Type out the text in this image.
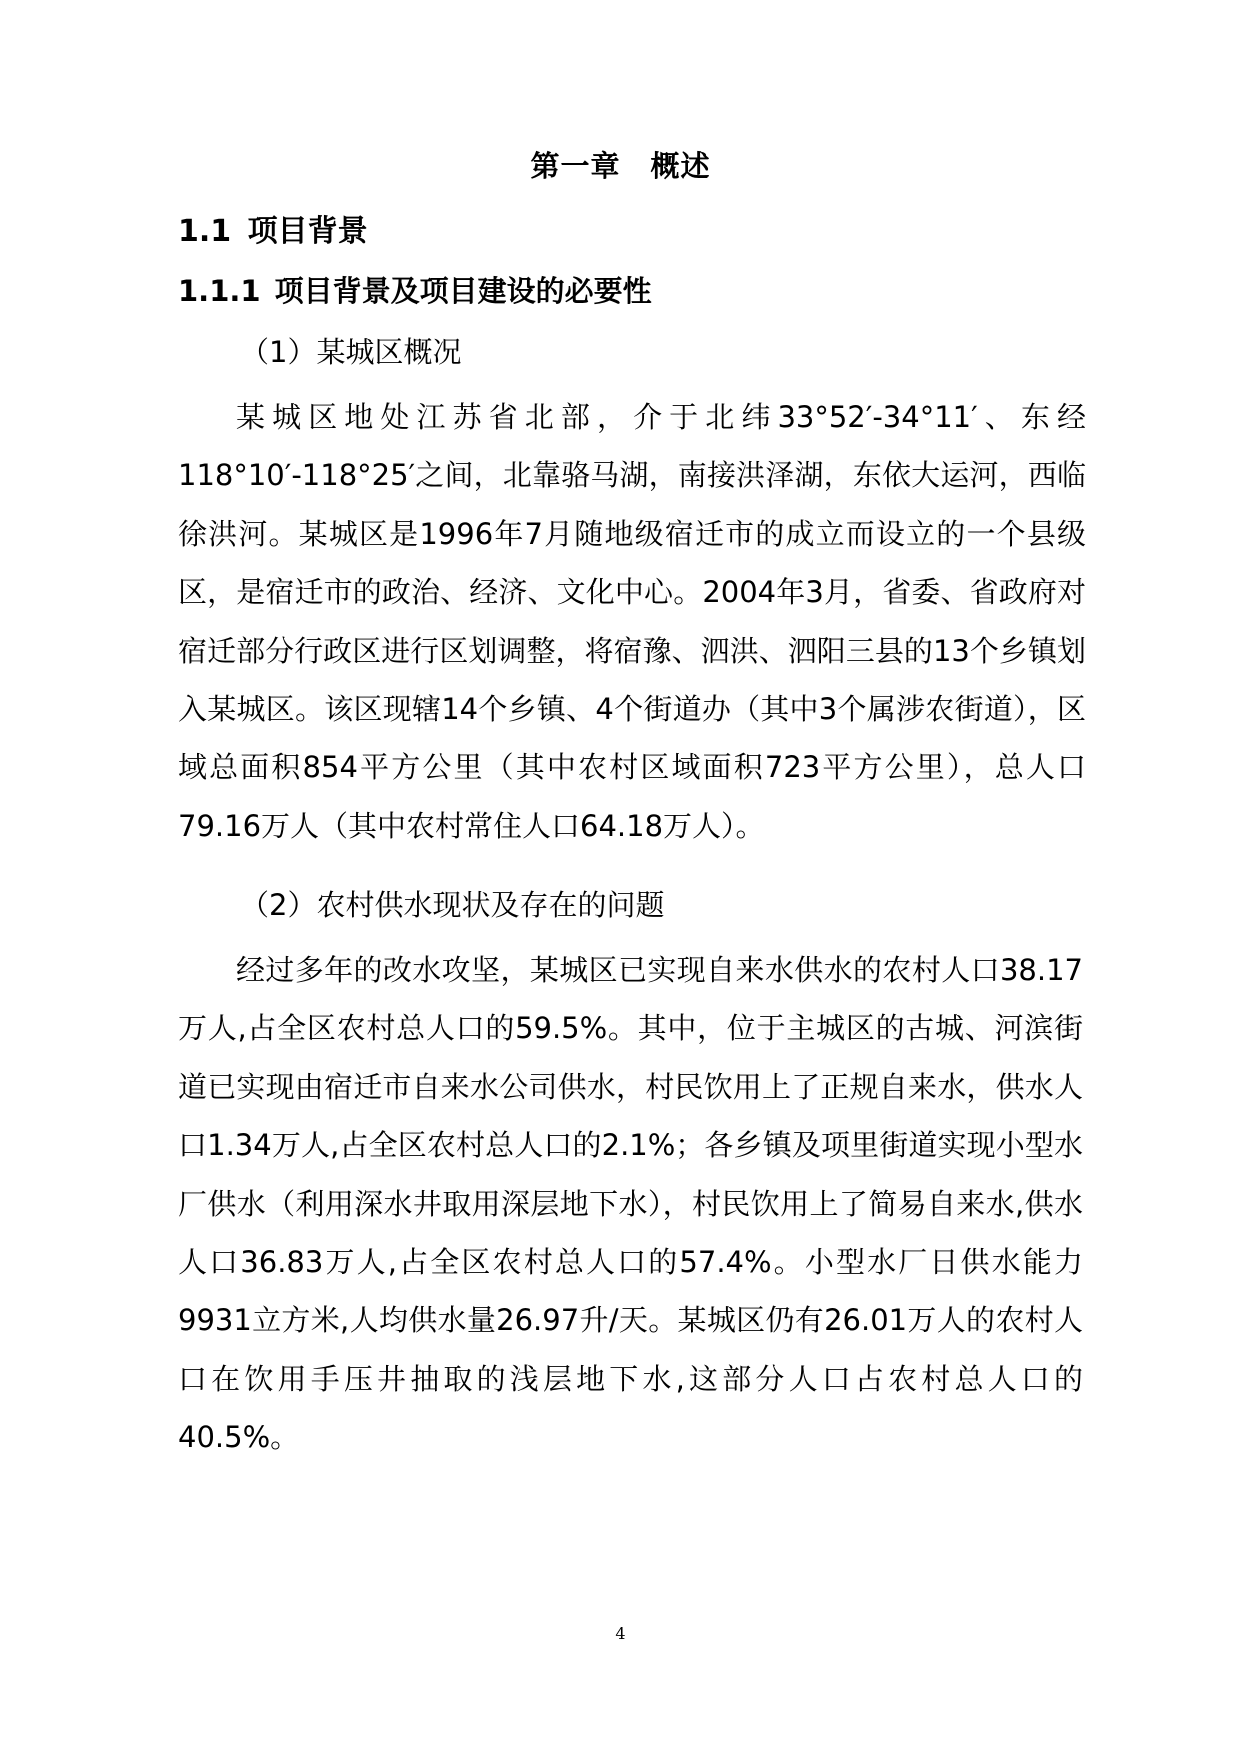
第一章　概述
1.1 项目背景
1.1.1 项目背景及项目建设的必要性
（1）某城区概况

某城区地处江苏省北部，介于北纬33°52′-34°11′、东经118°10′-118°25′之间，北靠骆马湖，南接洪泽湖，东依大运河，西临徐洪河。某城区是1996年7月随地级宿迁市的成立而设立的一个县级区，是宿迁市的政治、经济、文化中心。2004年3月，省委、省政府对宿迁部分行政区进行区划调整，将宿豫、泗洪、泗阳三县的13个乡镇划入某城区。该区现辖14个乡镇、4个街道办（其中3个属涉农街道），区域总面积854平方公里（其中农村区域面积723平方公里），总人口79.16万人（其中农村常住人口64.18万人）。

（2）农村供水现状及存在的问题

经过多年的改水攻坚，某城区已实现自来水供水的农村人口38.17万人,占全区农村总人口的59.5%。其中，位于主城区的古城、河滨街道已实现由宿迁市自来水公司供水，村民饮用上了正规自来水，供水人口1.34万人,占全区农村总人口的2.1%；各乡镇及项里街道实现小型水厂供水（利用深水井取用深层地下水），村民饮用上了简易自来水,供水人口36.83万人,占全区农村总人口的57.4%。小型水厂日供水能力9931立方米,人均供水量26.97升/天。某城区仍有26.01万人的农村人口在饮用手压井抽取的浅层地下水,这部分人口占农村总人口的40.5%。

4
